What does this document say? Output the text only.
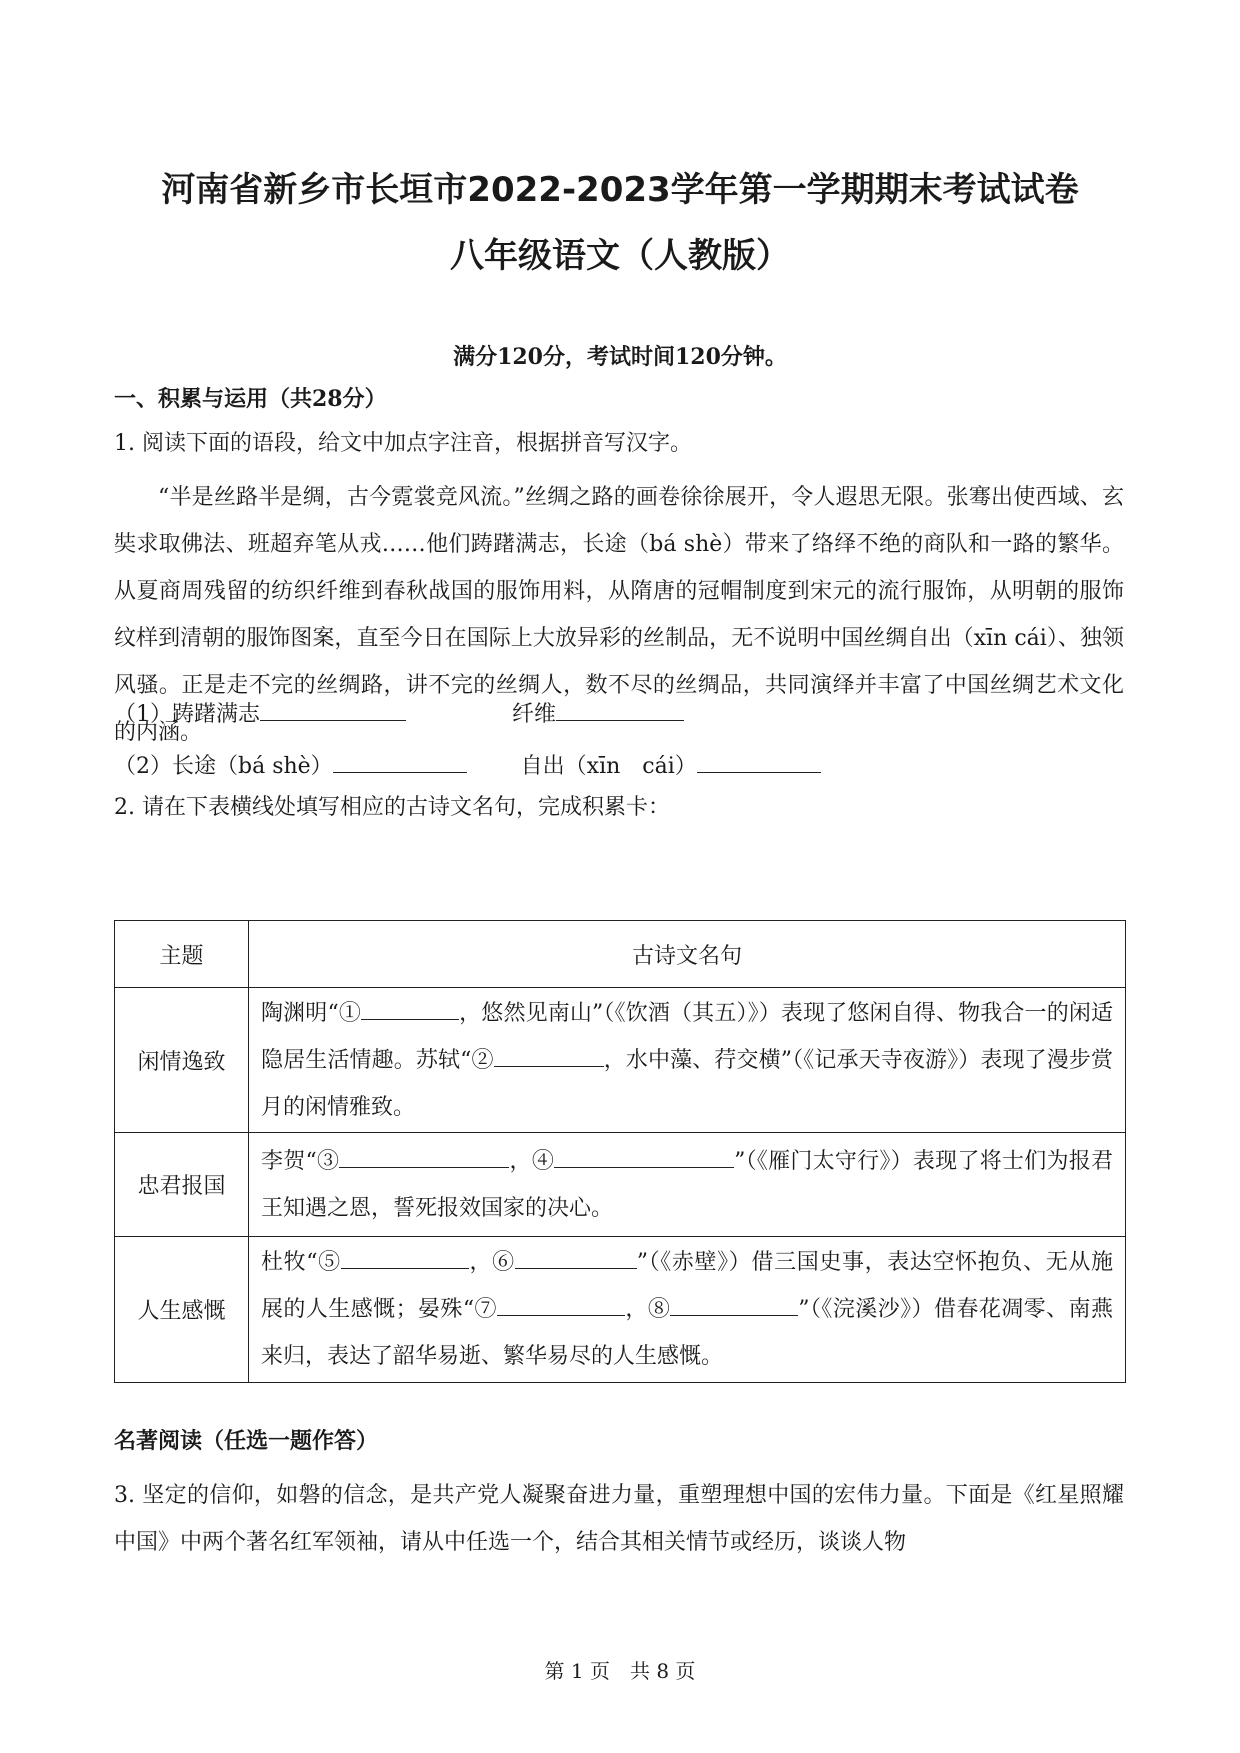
河南省新乡市长垣市2022-2023学年第一学期期末考试试卷
八年级语文（人教版）
满分120分，考试时间120分钟。
一、积累与运用（共28分）
1. 阅读下面的语段，给文中加点字注音，根据拼音写汉字。

“半是丝路半是绸，古今霓裳竞风流。”丝绸之路的画卷徐徐展开，令人遐思无限。张骞出使西域、玄奘求取佛法、班超弃笔从戎……他们踌躇满志，长途（bá shè）带来了络绎不绝的商队和一路的繁华。从夏商周残留的纺织纤维到春秋战国的服饰用料，从隋唐的冠帽制度到宋元的流行服饰，从明朝的服饰纹样到清朝的服饰图案，直至今日在国际上大放异彩的丝制品，无不说明中国丝绸自出（xīn cái）、独领风骚。正是走不完的丝绸路，讲不完的丝绸人，数不尽的丝绸品，共同演绎并丰富了中国丝绸艺术文化的内涵。

（1）踌躇满志	纤维
（2）长途（bá shè）	自出（xīn　cái）
2. 请在下表横线处填写相应的古诗文名句，完成积累卡：
主题	古诗文名句
闲情逸致	陶渊明“① ，悠然见南山”（《饮酒（其五）》）表现了悠闲自得、物我合一的闲适隐居生活情趣。苏轼“② ，水中藻、荇交横”（《记承天寺夜游》）表现了漫步赏月的闲情雅致。
忠君报国	李贺“③ ，④ ”（《雁门太守行》）表现了将士们为报君王知遇之恩，誓死报效国家的决心。
人生感慨	杜牧“⑤ ，⑥ ”（《赤壁》）借三国史事，表达空怀抱负、无从施展的人生感慨；晏殊“⑦ ，⑧ ”（《浣溪沙》）借春花凋零、南燕来归，表达了韶华易逝、繁华易尽的人生感慨。
名著阅读（任选一题作答）

3. 坚定的信仰，如磐的信念，是共产党人凝聚奋进力量，重塑理想中国的宏伟力量。下面是《红星照耀中国》中两个著名红军领袖，请从中任选一个，结合其相关情节或经历，谈谈人物

第 1 页　共 8 页
